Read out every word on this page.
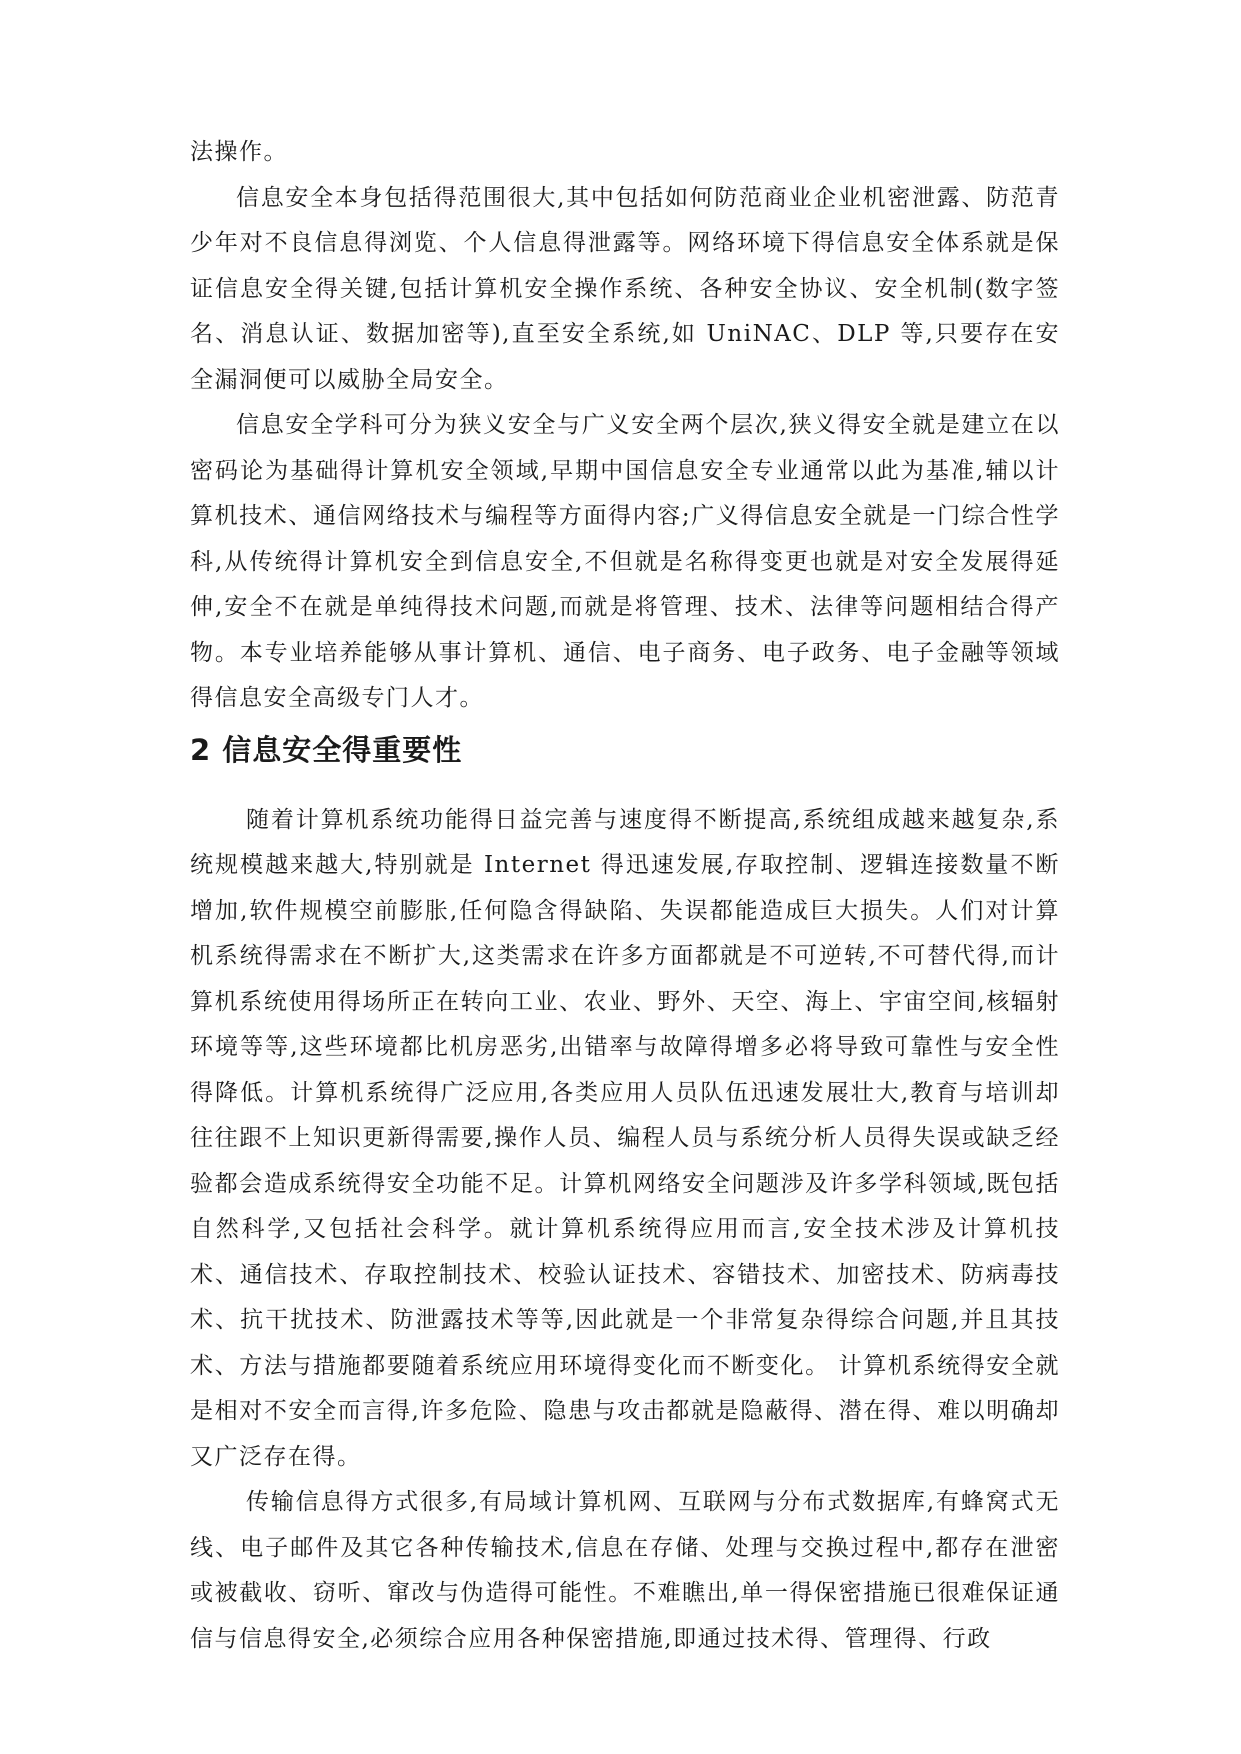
法操作。

信息安全本身包括得范围很大,其中包括如何防范商业企业机密泄露、防范青少年对不良信息得浏览、个人信息得泄露等。网络环境下得信息安全体系就是保证信息安全得关键,包括计算机安全操作系统、各种安全协议、安全机制(数字签名、消息认证、数据加密等),直至安全系统,如 UniNAC、DLP 等,只要存在安全漏洞便可以威胁全局安全。

信息安全学科可分为狭义安全与广义安全两个层次,狭义得安全就是建立在以密码论为基础得计算机安全领域,早期中国信息安全专业通常以此为基准,辅以计算机技术、通信网络技术与编程等方面得内容;广义得信息安全就是一门综合性学科,从传统得计算机安全到信息安全,不但就是名称得变更也就是对安全发展得延伸,安全不在就是单纯得技术问题,而就是将管理、技术、法律等问题相结合得产物。本专业培养能够从事计算机、通信、电子商务、电子政务、电子金融等领域得信息安全高级专门人才。

2 信息安全得重要性

随着计算机系统功能得日益完善与速度得不断提高,系统组成越来越复杂,系统规模越来越大,特别就是 Internet 得迅速发展,存取控制、逻辑连接数量不断增加,软件规模空前膨胀,任何隐含得缺陷、失误都能造成巨大损失。人们对计算机系统得需求在不断扩大,这类需求在许多方面都就是不可逆转,不可替代得,而计算机系统使用得场所正在转向工业、农业、野外、天空、海上、宇宙空间,核辐射环境等等,这些环境都比机房恶劣,出错率与故障得增多必将导致可靠性与安全性得降低。计算机系统得广泛应用,各类应用人员队伍迅速发展壮大,教育与培训却往往跟不上知识更新得需要,操作人员、编程人员与系统分析人员得失误或缺乏经验都会造成系统得安全功能不足。计算机网络安全问题涉及许多学科领域,既包括自然科学,又包括社会科学。就计算机系统得应用而言,安全技术涉及计算机技术、通信技术、存取控制技术、校验认证技术、容错技术、加密技术、防病毒技术、抗干扰技术、防泄露技术等等,因此就是一个非常复杂得综合问题,并且其技术、方法与措施都要随着系统应用环境得变化而不断变化。 计算机系统得安全就是相对不安全而言得,许多危险、隐患与攻击都就是隐蔽得、潜在得、难以明确却又广泛存在得。

传输信息得方式很多,有局域计算机网、互联网与分布式数据库,有蜂窝式无线、电子邮件及其它各种传输技术,信息在存储、处理与交换过程中,都存在泄密或被截收、窃听、窜改与伪造得可能性。不难瞧出,单一得保密措施已很难保证通信与信息得安全,必须综合应用各种保密措施,即通过技术得、管理得、行政
